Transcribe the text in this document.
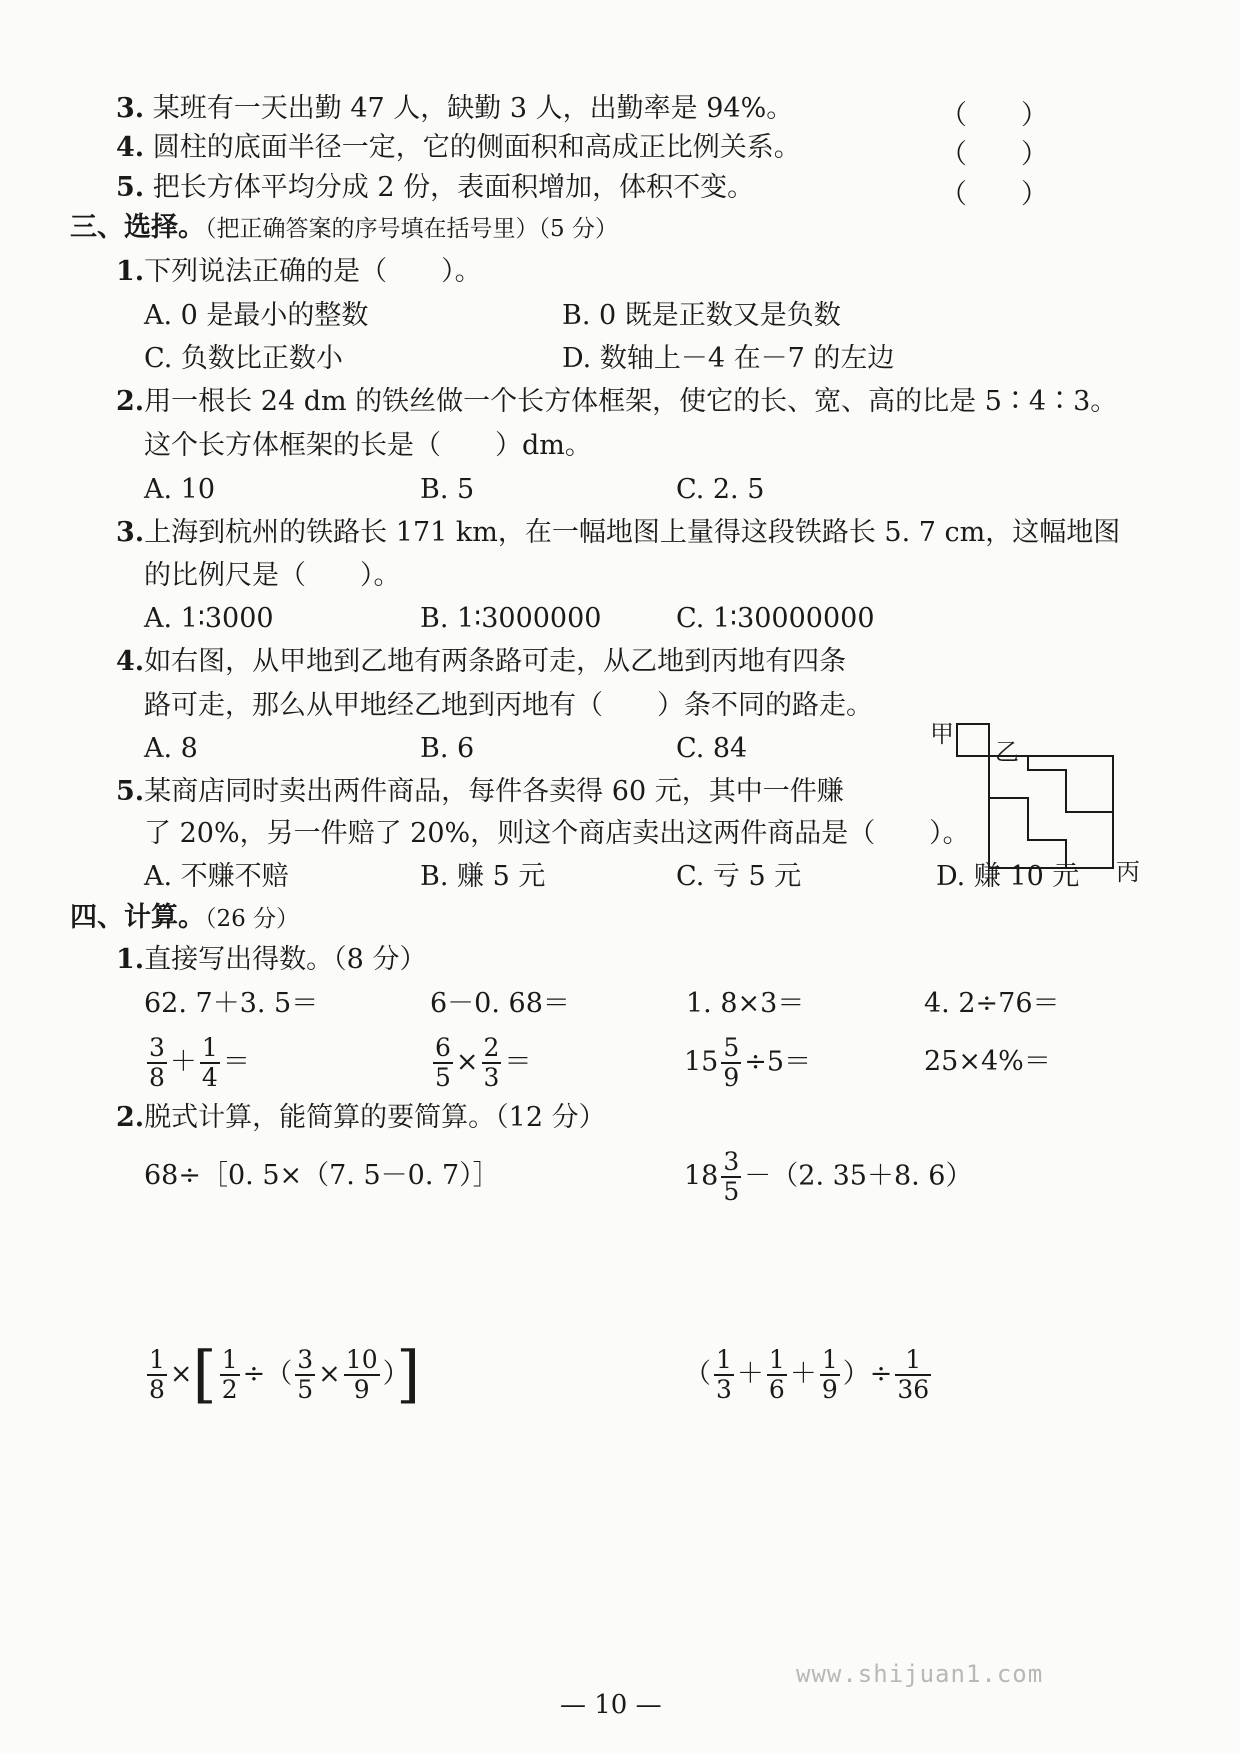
3. 某班有一天出勤 47 人，缺勤 3 人，出勤率是 94%。	（　　）
4. 圆柱的底面半径一定，它的侧面积和高成正比例关系。	（　　）
5. 把长方体平均分成 2 份，表面积增加，体积不变。	（　　）
三、选择。（把正确答案的序号填在括号里）（5 分）
1.下列说法正确的是（　　）。
A. 0 是最小的整数	B. 0 既是正数又是负数
C. 负数比正数小	D. 数轴上－4 在－7 的左边
2.用一根长 24 dm 的铁丝做一个长方体框架，使它的长、宽、高的比是 5∶4∶3。
这个长方体框架的长是（　　）dm。
A. 10	B. 5	C. 2. 5
3.上海到杭州的铁路长 171 km，在一幅地图上量得这段铁路长 5. 7 cm，这幅地图
的比例尺是（　　）。
A. 1∶3000	B. 1∶3000000	C. 1∶30000000
4.如右图，从甲地到乙地有两条路可走，从乙地到丙地有四条
路可走，那么从甲地经乙地到丙地有（　　）条不同的路走。
A. 8	B. 6	C. 84	甲
乙
丙
5.某商店同时卖出两件商品，每件各卖得 60 元，其中一件赚
了 20%，另一件赔了 20%，则这个商店卖出这两件商品是（　　）。
A. 不赚不赔	B. 赚 5 元	C. 亏 5 元	D. 赚 10 元
四、计算。（26 分）
1.直接写出得数。（8 分）
62. 7＋3. 5＝	6－0. 68＝	1. 8×3＝	4. 2÷76＝
$\frac{3}{8} + \frac{1}{4}$ ＝	$\frac{6}{5} \times \frac{2}{3}$ ＝	$15 \frac{5}{9} \div 5=$	25×4%＝
2.脱式计算，能简算的要简算。（12 分）
68÷［0. 5×（7. 5－0. 7）］	$18 \frac{3}{5} -(2$. 35＋8. 6）
$\frac{1}{8}$ ×[ $\frac{1}{2}$ ÷（ $\frac{3}{5} \times \frac{10}{9}$ ）]	（ $\frac{1}{3} + \frac{1}{6} + \frac{1}{9}$ ）÷ $\frac{1}{36}$
www.shijuan1.com
— 10 —
